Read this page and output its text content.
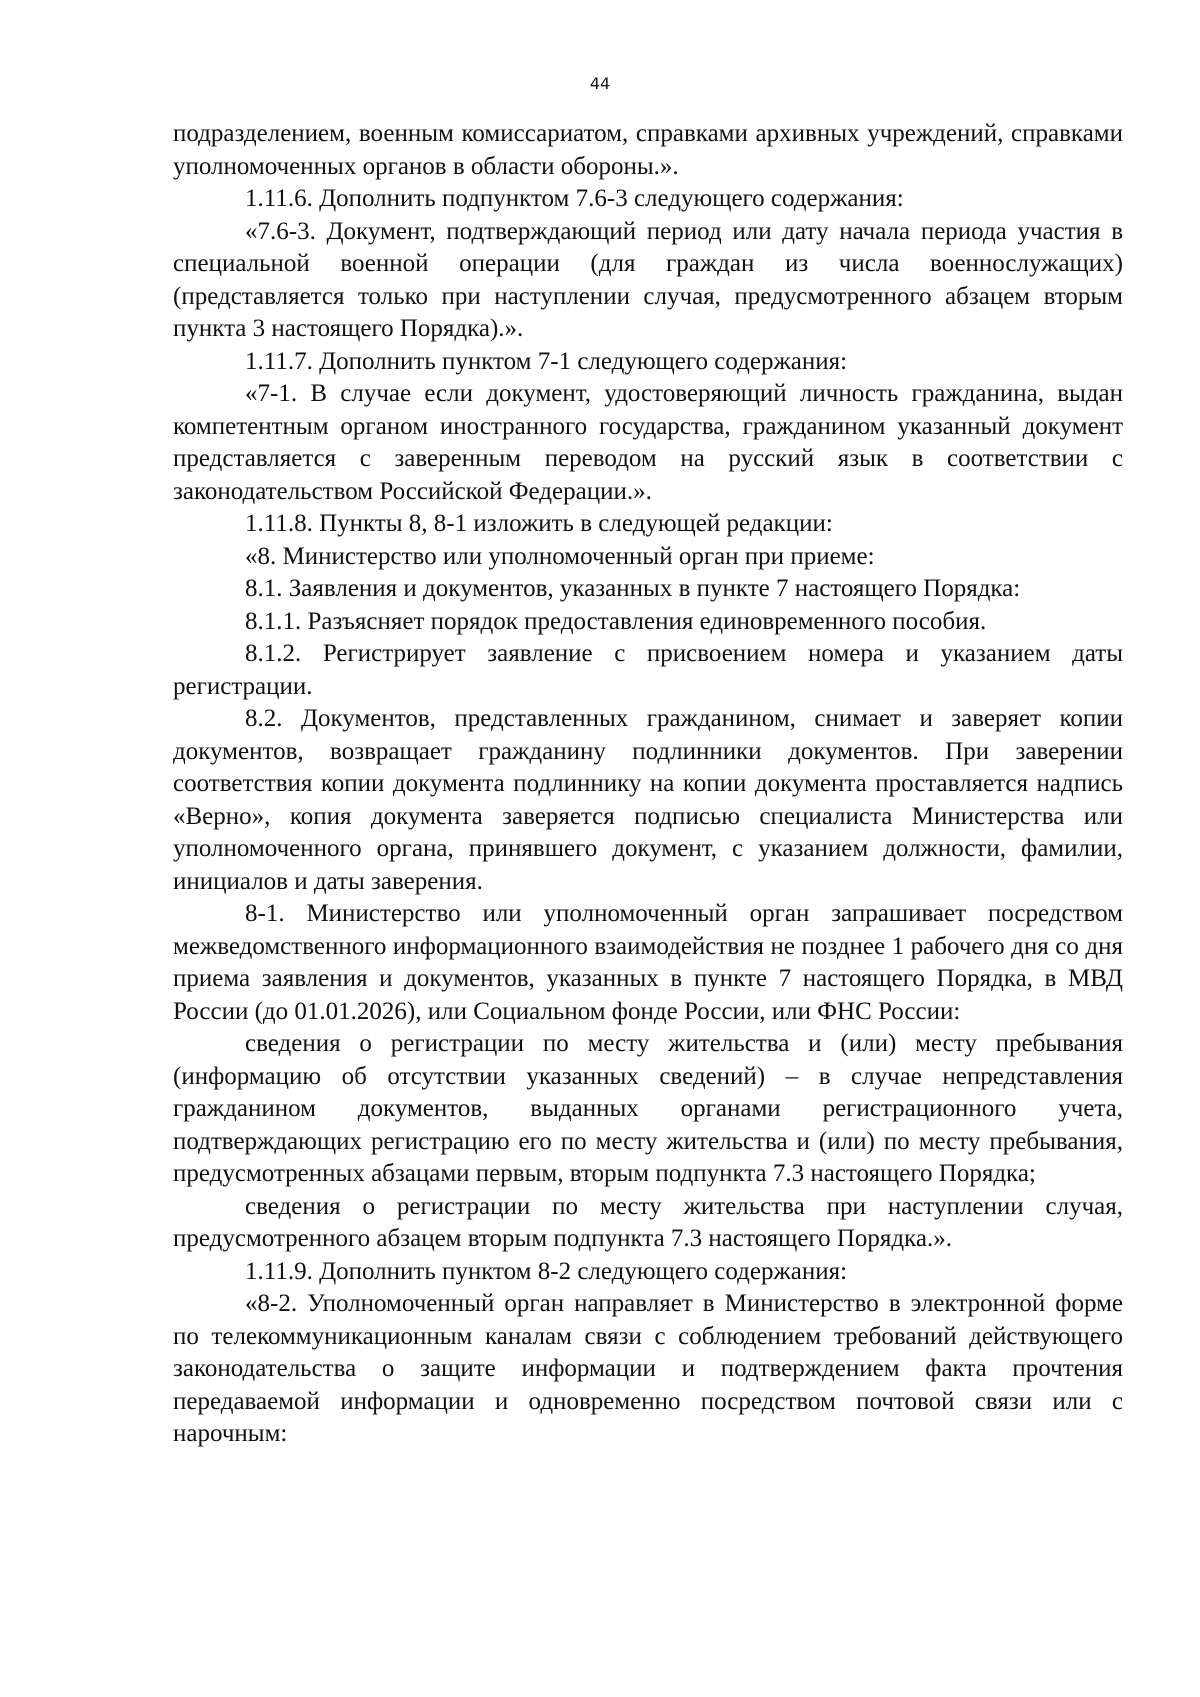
44

подразделением, военным комиссариатом, справками архивных учреждений, справками уполномоченных органов в области обороны.».

1.11.6. Дополнить подпунктом 7.6-3 следующего содержания:

«7.6-3. Документ, подтверждающий период или дату начала периода участия в специальной военной операции (для граждан из числа военнослужащих) (представляется только при наступлении случая, предусмотренного абзацем вторым пункта 3 настоящего Порядка).».

1.11.7. Дополнить пунктом 7-1 следующего содержания:

«7-1. В случае если документ, удостоверяющий личность гражданина, выдан компетентным органом иностранного государства, гражданином указанный документ представляется с заверенным переводом на русский язык в соответствии с законодательством Российской Федерации.».

1.11.8. Пункты 8, 8-1 изложить в следующей редакции:

«8. Министерство или уполномоченный орган при приеме:

8.1. Заявления и документов, указанных в пункте 7 настоящего Порядка:

8.1.1. Разъясняет порядок предоставления единовременного пособия.

8.1.2. Регистрирует заявление с присвоением номера и указанием даты регистрации.

8.2. Документов, представленных гражданином, снимает и заверяет копии документов, возвращает гражданину подлинники документов. При заверении соответствия копии документа подлиннику на копии документа проставляется надпись «Верно», копия документа заверяется подписью специалиста Министерства или уполномоченного органа, принявшего документ, с указанием должности, фамилии, инициалов и даты заверения.

8-1. Министерство или уполномоченный орган запрашивает посредством межведомственного информационного взаимодействия не позднее 1 рабочего дня со дня приема заявления и документов, указанных в пункте 7 настоящего Порядка, в МВД России (до 01.01.2026), или Социальном фонде России, или ФНС России:

сведения о регистрации по месту жительства и (или) месту пребывания (информацию об отсутствии указанных сведений) – в случае непредставления гражданином документов, выданных органами регистрационного учета, подтверждающих регистрацию его по месту жительства и (или) по месту пребывания, предусмотренных абзацами первым, вторым подпункта 7.3 настоящего Порядка;

сведения о регистрации по месту жительства при наступлении случая, предусмотренного абзацем вторым подпункта 7.3 настоящего Порядка.».

1.11.9. Дополнить пунктом 8-2 следующего содержания:

«8-2. Уполномоченный орган направляет в Министерство в электронной форме по телекоммуникационным каналам связи с соблюдением требований действующего законодательства о защите информации и подтверждением факта прочтения передаваемой информации и одновременно посредством почтовой связи или с нарочным:
